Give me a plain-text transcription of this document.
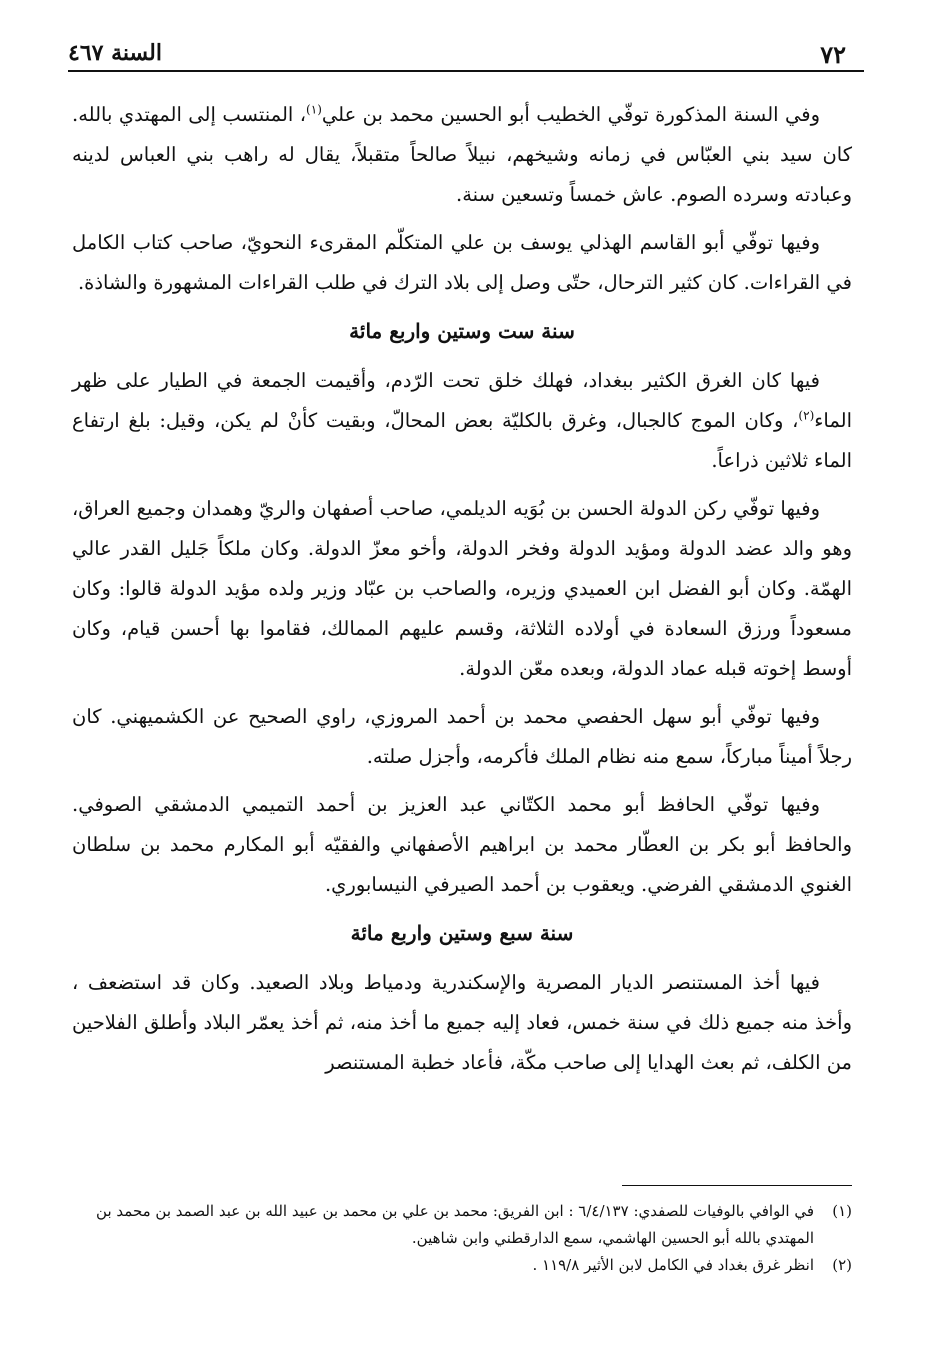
٧٢
السنة ٤٦٧

وفي السنة المذكورة توفّي الخطيب أبو الحسين محمد بن علي$^{(١)}$، المنتسب إلى المهتدي بالله. كان سيد بني العبّاس في زمانه وشيخهم، نبيلاً صالحاً متقبلاً، يقال له راهب بني العباس لدينه وعبادته وسرده الصوم. عاش خمساً وتسعين سنة.

وفيها توفّي أبو القاسم الهذلي يوسف بن علي المتكلّم المقرىء النحويّ، صاحب كتاب الكامل في القراءات. كان كثير الترحال، حتّى وصل إلى بلاد الترك في طلب القراءات المشهورة والشاذة.

سنة ست وستين واربع مائة

فيها كان الغرق الكثير ببغداد، فهلك خلق تحت الرّدم، وأقيمت الجمعة في الطيار على ظهر الماء$^{(٢)}$، وكان الموج كالجبال، وغرق بالكليّة بعض المحالّ، وبقيت كأنْ لم يكن، وقيل: بلغ ارتفاع الماء ثلاثين ذراعاً.

وفيها توفّي ركن الدولة الحسن بن بُوَيه الديلمي، صاحب أصفهان والريّ وهمدان وجميع العراق، وهو والد عضد الدولة ومؤيد الدولة وفخر الدولة، وأخو معزّ الدولة. وكان ملكاً جَليل القدر عالي الهمّة. وكان أبو الفضل ابن العميدي وزيره، والصاحب بن عبّاد وزير ولده مؤيد الدولة قالوا: وكان مسعوداً ورزق السعادة في أولاده الثلاثة، وقسم عليهم الممالك، فقاموا بها أحسن قيام، وكان أوسط إخوته قبله عماد الدولة، وبعده معّن الدولة.

وفيها توفّي أبو سهل الحفصي محمد بن أحمد المروزي، راوي الصحيح عن الكشميهني. كان رجلاً أميناً مباركاً، سمع منه نظام الملك فأكرمه، وأجزل صلته.

وفيها توفّي الحافظ أبو محمد الكتّاني عبد العزيز بن أحمد التميمي الدمشقي الصوفي. والحافظ أبو بكر بن العطّار محمد بن ابراهيم الأصفهاني والفقيّه أبو المكارم محمد بن سلطان الغنوي الدمشقي الفرضي. ويعقوب بن أحمد الصيرفي النيسابوري.

سنة سبع وستين واربع مائة

فيها أخذ المستنصر الديار المصرية والإسكندرية ودمياط وبلاد الصعيد. وكان قد استضعف ، وأخذ منه جميع ذلك في سنة خمس، فعاد إليه جميع ما أخذ منه، ثم أخذ يعمّر البلاد وأطلق الفلاحين من الكلف، ثم بعث الهدايا إلى صاحب مكّة، فأعاد خطبة المستنصر

(١)
في الوافي بالوفيات للصفدي: ٦/٤/١٣٧ : ابن الفريق: محمد بن علي بن محمد بن عبيد الله بن عبد الصمد بن محمد بن المهتدي بالله أبو الحسين الهاشمي، سمع الدارقطني وابن شاهين.
(٢)
انظر غرق بغداد في الكامل لابن الأثير ١١٩/٨ .
